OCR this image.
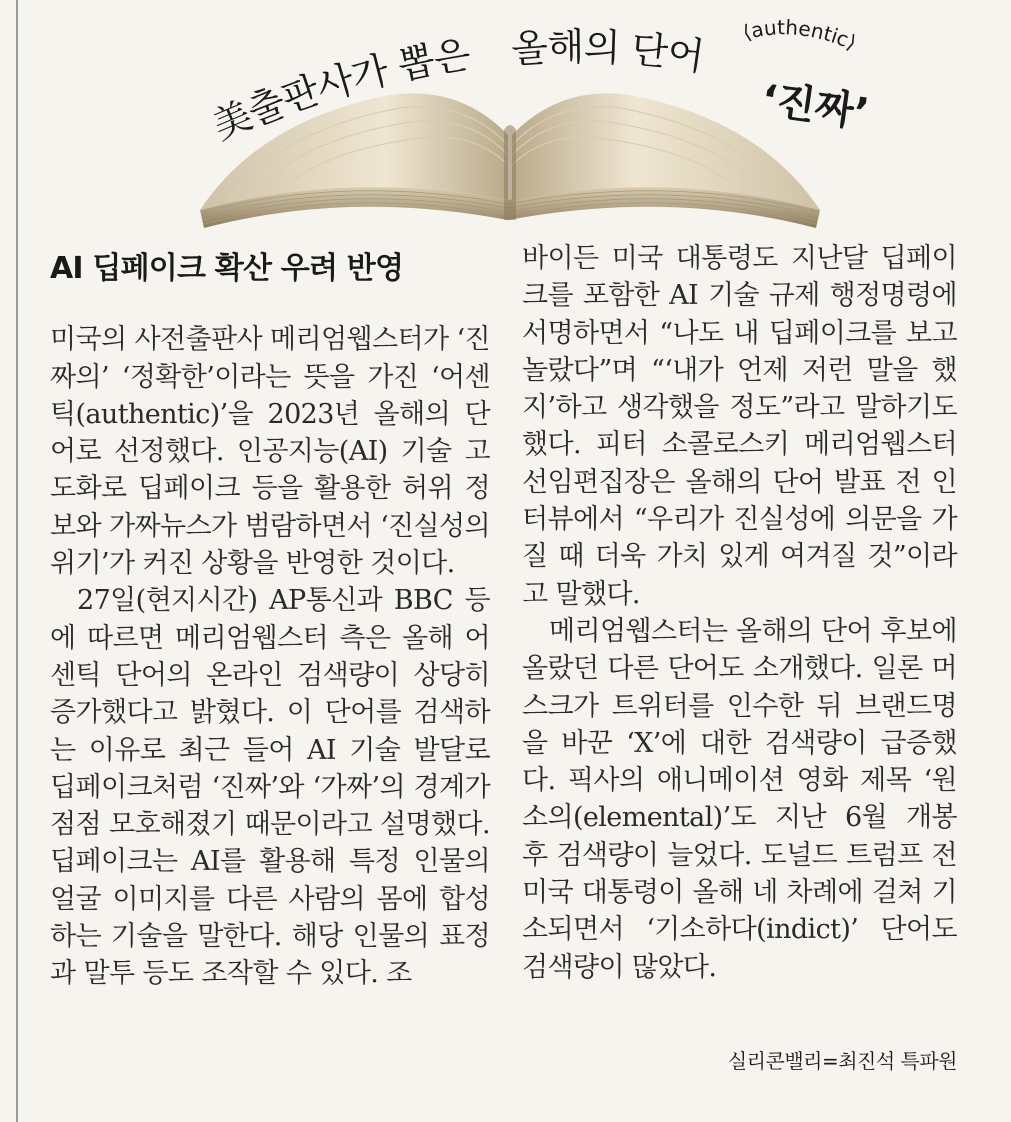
美출판사가 뽑은 올해의 단어 ⟨authentic⟩
‘진짜’
AI 딥페이크 확산 우려 반영

미국의 사전출판사 메리엄웹스터가 ‘진짜의’ ‘정확한’이라는 뜻을 가진 ‘어센틱(authentic)’을 2023년 올해의 단어로 선정했다. 인공지능(AI) 기술 고도화로 딥페이크 등을 활용한 허위 정보와 가짜뉴스가 범람하면서 ‘진실성의 위기’가 커진 상황을 반영한 것이다.

27일(현지시간) AP통신과 BBC 등에 따르면 메리엄웹스터 측은 올해 어센틱 단어의 온라인 검색량이 상당히 증가했다고 밝혔다. 이 단어를 검색하는 이유로 최근 들어 AI 기술 발달로 딥페이크처럼 ‘진짜’와 ‘가짜’의 경계가 점점 모호해졌기 때문이라고 설명했다. 딥페이크는 AI를 활용해 특정 인물의 얼굴 이미지를 다른 사람의 몸에 합성하는 기술을 말한다. 해당 인물의 표정과 말투 등도 조작할 수 있다. 조

바이든 미국 대통령도 지난달 딥페이크를 포함한 AI 기술 규제 행정명령에 서명하면서 “나도 내 딥페이크를 보고 놀랐다”며 “‘내가 언제 저런 말을 했지’하고 생각했을 정도”라고 말하기도 했다. 피터 소콜로스키 메리엄웹스터 선임편집장은 올해의 단어 발표 전 인터뷰에서 “우리가 진실성에 의문을 가질 때 더욱 가치 있게 여겨질 것”이라고 말했다.

메리엄웹스터는 올해의 단어 후보에 올랐던 다른 단어도 소개했다. 일론 머스크가 트위터를 인수한 뒤 브랜드명을 바꾼 ‘X’에 대한 검색량이 급증했다. 픽사의 애니메이션 영화 제목 ‘원소의(elemental)’도 지난 6월 개봉 후 검색량이 늘었다. 도널드 트럼프 전 미국 대통령이 올해 네 차례에 걸쳐 기소되면서 ‘기소하다(indict)’ 단어도 검색량이 많았다.

실리콘밸리=최진석 특파원
